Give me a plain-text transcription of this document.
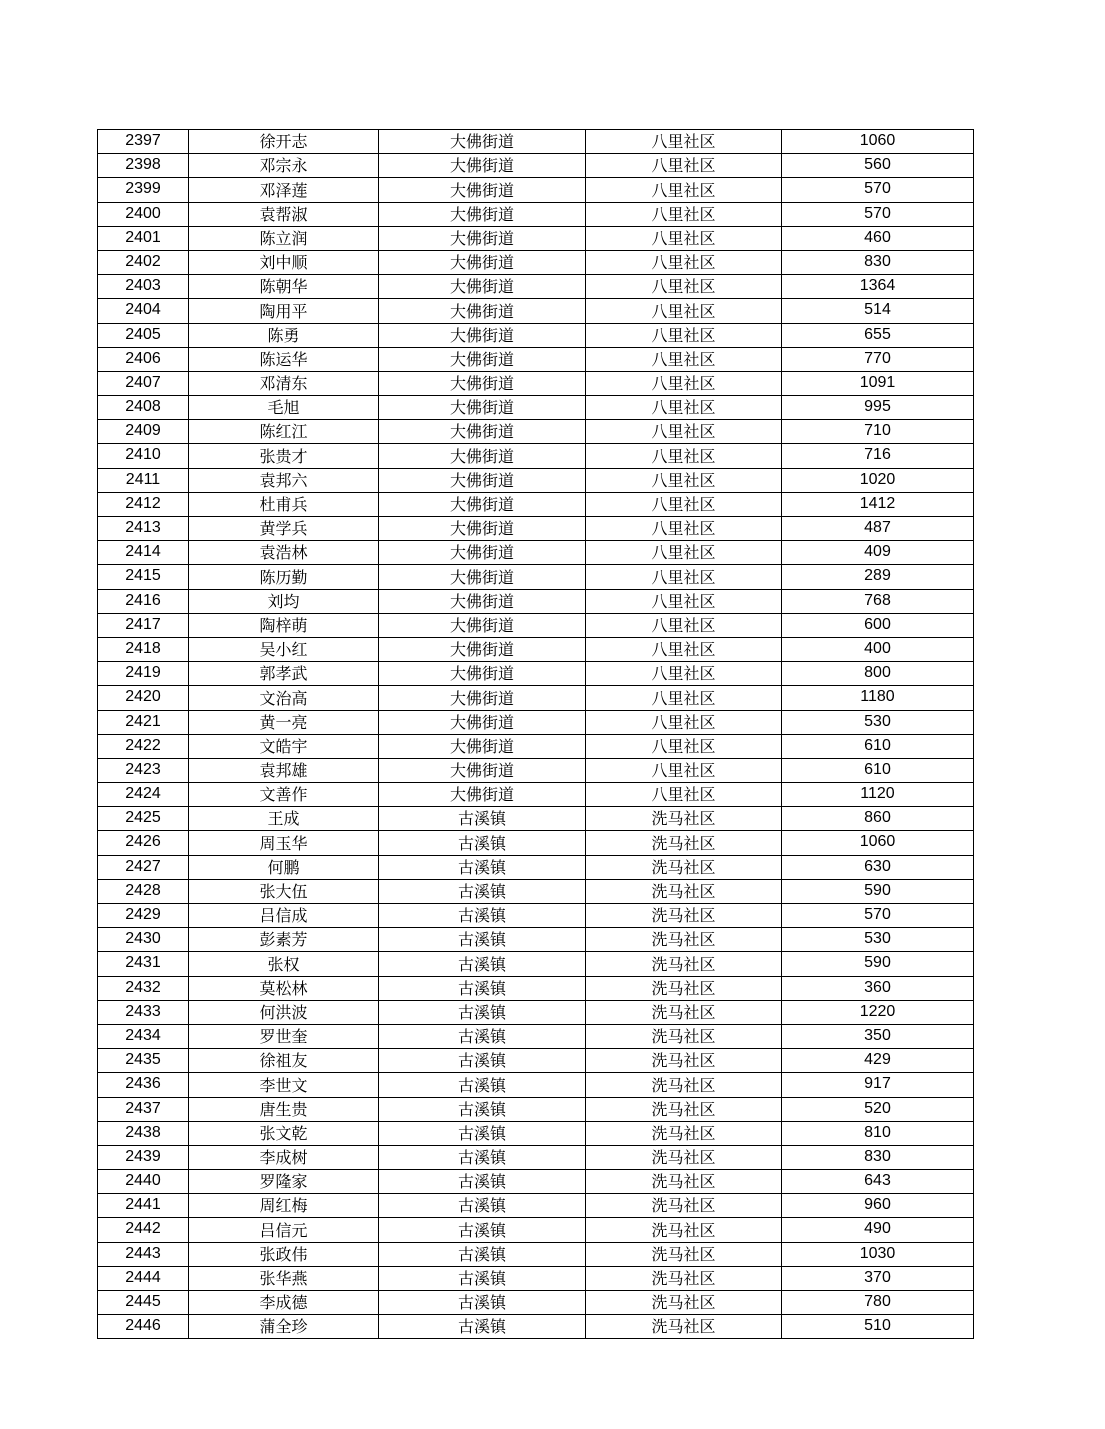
2397	徐开志	大佛街道	八里社区	1060
2398	邓宗永	大佛街道	八里社区	560
2399	邓泽莲	大佛街道	八里社区	570
2400	袁帮淑	大佛街道	八里社区	570
2401	陈立润	大佛街道	八里社区	460
2402	刘中顺	大佛街道	八里社区	830
2403	陈朝华	大佛街道	八里社区	1364
2404	陶用平	大佛街道	八里社区	514
2405	陈勇	大佛街道	八里社区	655
2406	陈运华	大佛街道	八里社区	770
2407	邓清东	大佛街道	八里社区	1091
2408	毛旭	大佛街道	八里社区	995
2409	陈红江	大佛街道	八里社区	710
2410	张贵才	大佛街道	八里社区	716
2411	袁邦六	大佛街道	八里社区	1020
2412	杜甫兵	大佛街道	八里社区	1412
2413	黄学兵	大佛街道	八里社区	487
2414	袁浩林	大佛街道	八里社区	409
2415	陈历勤	大佛街道	八里社区	289
2416	刘均	大佛街道	八里社区	768
2417	陶梓萌	大佛街道	八里社区	600
2418	吴小红	大佛街道	八里社区	400
2419	郭孝武	大佛街道	八里社区	800
2420	文治高	大佛街道	八里社区	1180
2421	黄一亮	大佛街道	八里社区	530
2422	文皓宇	大佛街道	八里社区	610
2423	袁邦雄	大佛街道	八里社区	610
2424	文善作	大佛街道	八里社区	1120
2425	王成	古溪镇	洗马社区	860
2426	周玉华	古溪镇	洗马社区	1060
2427	何鹏	古溪镇	洗马社区	630
2428	张大伍	古溪镇	洗马社区	590
2429	吕信成	古溪镇	洗马社区	570
2430	彭素芳	古溪镇	洗马社区	530
2431	张权	古溪镇	洗马社区	590
2432	莫松林	古溪镇	洗马社区	360
2433	何洪波	古溪镇	洗马社区	1220
2434	罗世奎	古溪镇	洗马社区	350
2435	徐祖友	古溪镇	洗马社区	429
2436	李世文	古溪镇	洗马社区	917
2437	唐生贵	古溪镇	洗马社区	520
2438	张文乾	古溪镇	洗马社区	810
2439	李成树	古溪镇	洗马社区	830
2440	罗隆家	古溪镇	洗马社区	643
2441	周红梅	古溪镇	洗马社区	960
2442	吕信元	古溪镇	洗马社区	490
2443	张政伟	古溪镇	洗马社区	1030
2444	张华燕	古溪镇	洗马社区	370
2445	李成德	古溪镇	洗马社区	780
2446	蒲全珍	古溪镇	洗马社区	510
